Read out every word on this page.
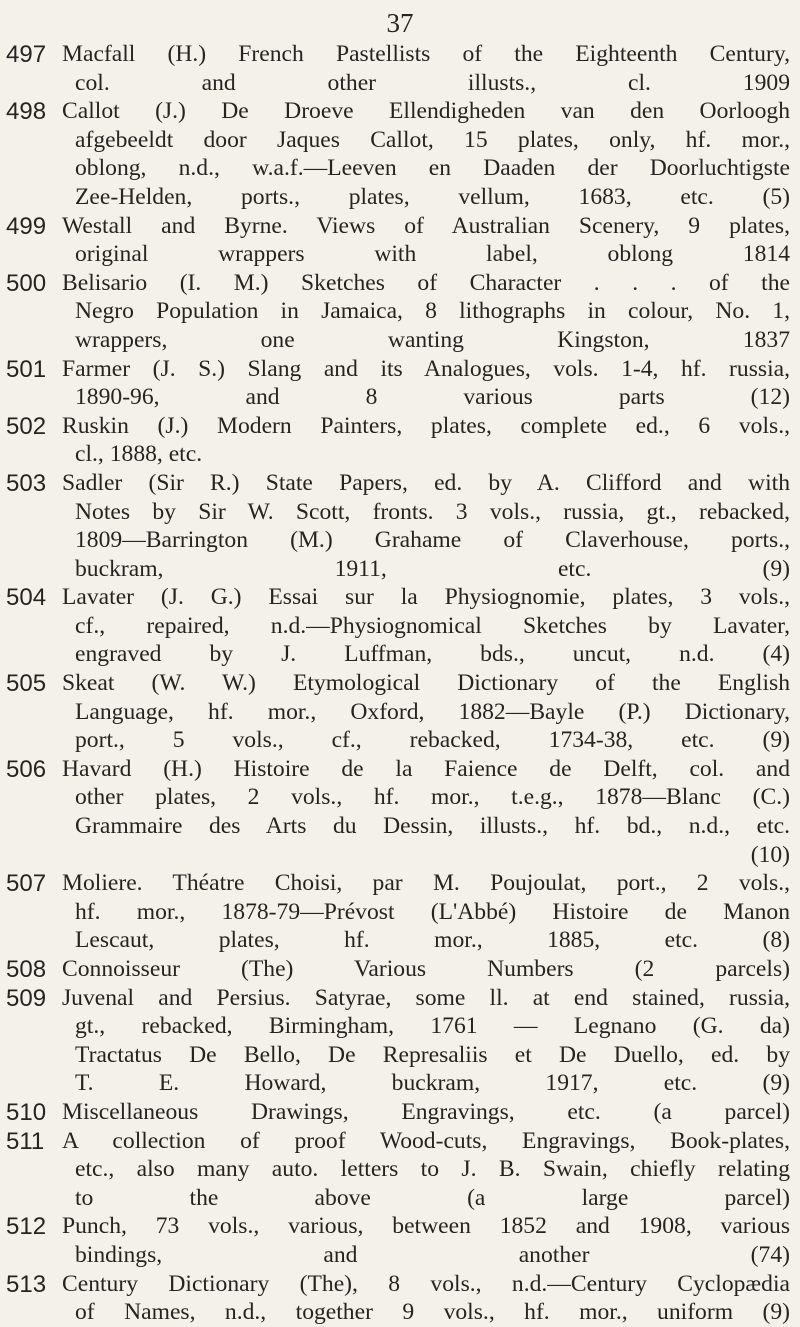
37
497 Macfall (H.) French Pastellists of the Eighteenth Century,
col. and other illusts., cl. 1909
498 Callot (J.) De Droeve Ellendigheden van den Oorloogh
afgebeeldt door Jaques Callot, 15 plates, only, hf. mor.,
oblong, n.d., w.a.f.—Leeven en Daaden der Doorluchtigste
Zee-Helden, ports., plates, vellum, 1683, etc. (5)
499 Westall and Byrne. Views of Australian Scenery, 9 plates,
original wrappers with label, oblong 1814
500 Belisario (I. M.) Sketches of Character . . . of the
Negro Population in Jamaica, 8 lithographs in colour, No. 1,
wrappers, one wanting Kingston, 1837
501 Farmer (J. S.) Slang and its Analogues, vols. 1-4, hf. russia,
1890-96, and 8 various parts (12)
502 Ruskin (J.) Modern Painters, plates, complete ed., 6 vols.,
cl., 1888, etc.
503 Sadler (Sir R.) State Papers, ed. by A. Clifford and with
Notes by Sir W. Scott, fronts. 3 vols., russia, gt., rebacked,
1809—Barrington (M.) Grahame of Claverhouse, ports.,
buckram, 1911, etc. (9)
504 Lavater (J. G.) Essai sur la Physiognomie, plates, 3 vols.,
cf., repaired, n.d.—Physiognomical Sketches by Lavater,
engraved by J. Luffman, bds., uncut, n.d. (4)
505 Skeat (W. W.) Etymological Dictionary of the English
Language, hf. mor., Oxford, 1882—Bayle (P.) Dictionary,
port., 5 vols., cf., rebacked, 1734-38, etc. (9)
506 Havard (H.) Histoire de la Faience de Delft, col. and
other plates, 2 vols., hf. mor., t.e.g., 1878—Blanc (C.)
Grammaire des Arts du Dessin, illusts., hf. bd., n.d., etc.
(10)
507 Moliere. Théatre Choisi, par M. Poujoulat, port., 2 vols.,
hf. mor., 1878-79—Prévost (L'Abbé) Histoire de Manon
Lescaut, plates, hf. mor., 1885, etc. (8)
508 Connoisseur (The) Various Numbers (2 parcels)
509 Juvenal and Persius. Satyrae, some ll. at end stained, russia,
gt., rebacked, Birmingham, 1761 — Legnano (G. da)
Tractatus De Bello, De Represaliis et De Duello, ed. by
T. E. Howard, buckram, 1917, etc. (9)
510 Miscellaneous Drawings, Engravings, etc. (a parcel)
511 A collection of proof Wood-cuts, Engravings, Book-plates,
etc., also many auto. letters to J. B. Swain, chiefly relating
to the above (a large parcel)
512 Punch, 73 vols., various, between 1852 and 1908, various
bindings, and another (74)
513 Century Dictionary (The), 8 vols., n.d.—Century Cyclopædia
of Names, n.d., together 9 vols., hf. mor., uniform (9)
